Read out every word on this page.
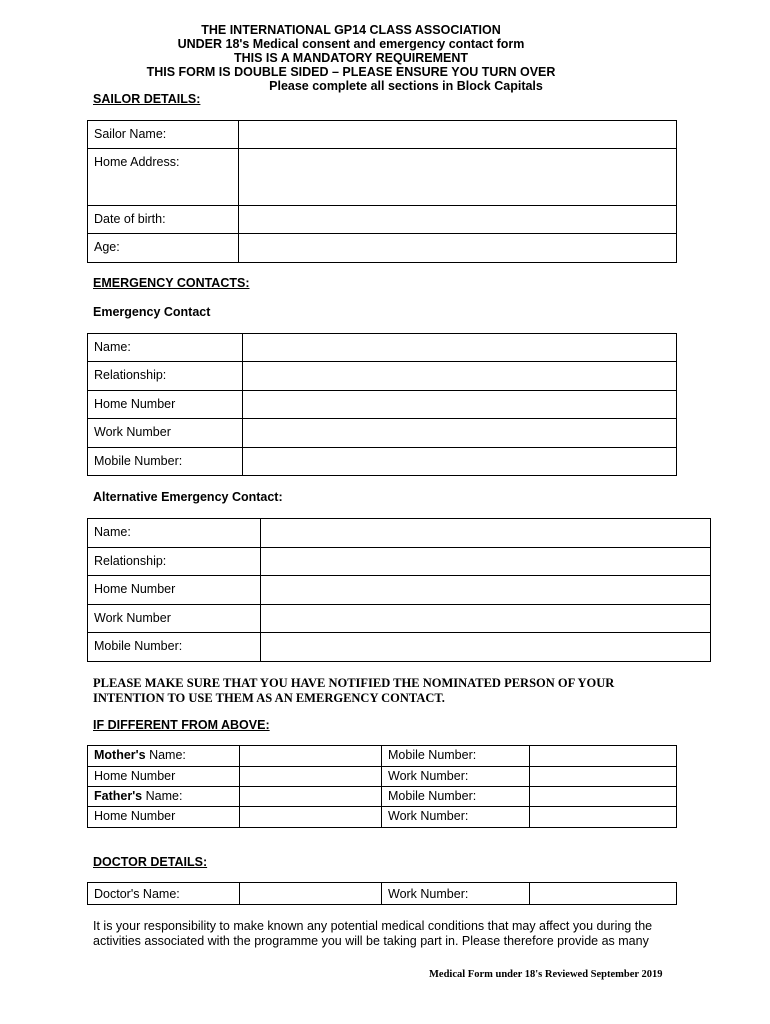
THE INTERNATIONAL GP14 CLASS ASSOCIATION
UNDER 18's Medical consent and emergency contact form
THIS IS A MANDATORY REQUIREMENT
THIS FORM IS DOUBLE SIDED – PLEASE ENSURE YOU TURN OVER
Please complete all sections in Block Capitals
SAILOR DETAILS:
Sailor Name:	
Home Address:	
Date of birth:	
Age:	
EMERGENCY CONTACTS:
Emergency Contact
Name:	
Relationship:	
Home Number	
Work Number	
Mobile Number:	
Alternative Emergency Contact:
Name:	
Relationship:	
Home Number	
Work Number	
Mobile Number:	
PLEASE MAKE SURE THAT YOU HAVE NOTIFIED THE NOMINATED PERSON OF YOUR
INTENTION TO USE THEM AS AN EMERGENCY CONTACT.
IF DIFFERENT FROM ABOVE:
Mother's Name:		Mobile Number:	
Home Number		Work Number:	
Father's Name:		Mobile Number:	
Home Number		Work Number:	
DOCTOR DETAILS:
Doctor's Name:		Work Number:	
It is your responsibility to make known any potential medical conditions that may affect you during the
activities associated with the programme you will be taking part in. Please therefore provide as many
Medical Form under 18's Reviewed September 2019
